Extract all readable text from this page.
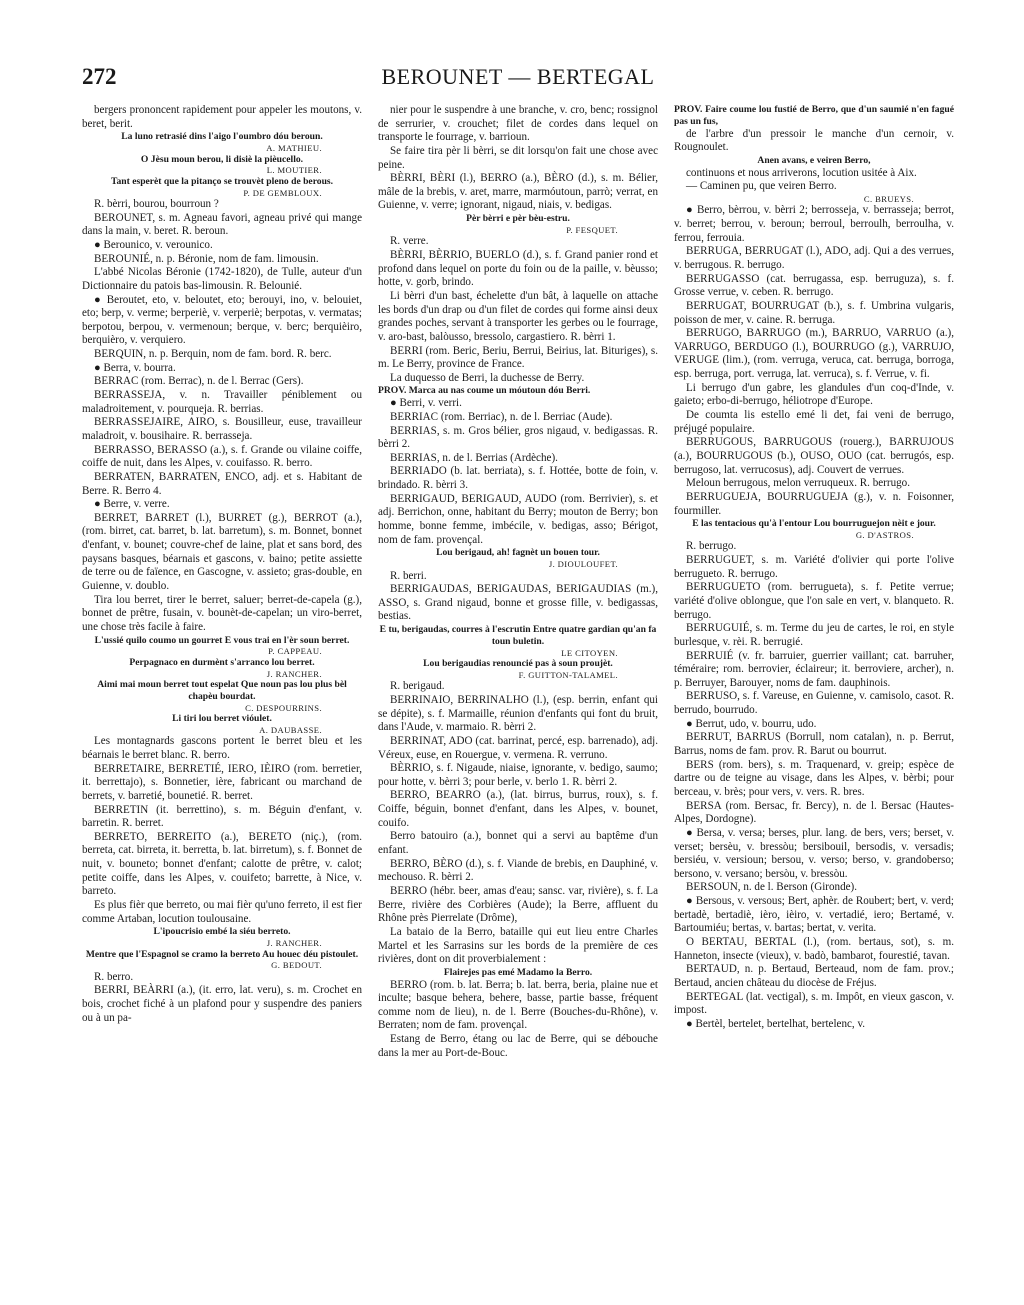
272	BEROUNET — BERTEGAL

bergers prononcent rapidement pour appeler les moutons, v. beret, berit.

La luno retrasié dins l'aigo l'oumbro dóu beroun.

A. MATHIEU.

O Jèsu moun berou, li disiè la pièucello.

L. MOUTIER.

Tant esperèt que la pitanço se trouvèt pleno de berous.

P. DE GEMBLOUX.

R. bèrri, bourou, bourroun ?

BEROUNET, s. m. Agneau favori, agneau privé qui mange dans la main, v. beret. R. beroun.

● Berounico, v. verounico.

BEROUNIÉ, n. p. Béronie, nom de fam. limousin.

L'abbé Nicolas Béronie (1742-1820), de Tulle, auteur d'un Dictionnaire du patois bas-limousin. R. Belounié.

● Beroutet, eto, v. beloutet, eto; berouyi, ino, v. belouiet, eto; berp, v. verme; berperiè, v. verperiè; berpotas, v. vermatas; berpotou, berpou, v. vermenoun; berque, v. berc; berquièiro, berquièro, v. verquiero.

BERQUIN, n. p. Berquin, nom de fam. bord. R. berc.

● Berra, v. bourra.

BERRAC (rom. Berrac), n. de l. Berrac (Gers).

BERRASSEJA, v. n. Travailler péniblement ou maladroitement, v. pourqueja. R. berrias.

BERRASSEJAIRE, AIRO, s. Bousilleur, euse, travailleur maladroit, v. bousihaire. R. berrasseja.

BERRASSO, BERASSO (a.), s. f. Grande ou vilaine coiffe, coiffe de nuit, dans les Alpes, v. couifasso. R. berro.

BERRATEN, BARRATEN, ENCO, adj. et s. Habitant de Berre. R. Berro 4.

● Berre, v. verre.

BERRET, BARRET (l.), BURRET (g.), BERROT (a.), (rom. birret, cat. barret, b. lat. barretum), s. m. Bonnet, bonnet d'enfant, v. bounet; couvre-chef de laine, plat et sans bord, des paysans basques, béarnais et gascons, v. baino; petite assiette de terre ou de faïence, en Gascogne, v. assieto; gras-double, en Guienne, v. doublo.

Tira lou berret, tirer le berret, saluer; berret-de-capela (g.), bonnet de prêtre, fusain, v. bounèt-de-capelan; un viro-berret, une chose très facile à faire.

L'ussié quilo coumo un gourret E vous trai en l'èr soun berret.

P. CAPPEAU.

Perpagnaco en durmènt s'arranco lou berret.

J. RANCHER.

Aimi mai moun berret tout espelat Que noun pas lou plus bèl chapèu bourdat.

C. DESPOURRINS.

Li tiri lou berret vióulet.

A. DAUBASSE.

Les montagnards gascons portent le berret bleu et les béarnais le berret blanc. R. berro.

BERRETAIRE, BERRETIÉ, IERO, IÈIRO (rom. berretier, it. berrettajo), s. Bonnetier, ière, fabricant ou marchand de berrets, v. barretié, bounetié. R. berret.

BERRETIN (it. berrettino), s. m. Béguin d'enfant, v. barretin. R. berret.

BERRETO, BERREITO (a.), BERETO (niç.), (rom. berreta, cat. birreta, it. berretta, b. lat. birretum), s. f. Bonnet de nuit, v. bouneto; bonnet d'enfant; calotte de prêtre, v. calot; petite coiffe, dans les Alpes, v. couifeto; barrette, à Nice, v. barreto.

Es plus fièr que berreto, ou mai fièr qu'uno ferreto, il est fier comme Artaban, locution toulousaine.

L'ipoucrisio embé la siéu berreto.

J. RANCHER.

Mentre que l'Espagnol se cramo la berreto Au houec déu pistoulet.

G. BEDOUT.

R. berro.

BERRI, BEÀRRI (a.), (it. erro, lat. veru), s. m. Crochet en bois, crochet fiché à un plafond pour y suspendre des paniers ou à un pa-

nier pour le suspendre à une branche, v. cro, benc; rossignol de serrurier, v. crouchet; filet de cordes dans lequel on transporte le fourrage, v. barrioun.

Se faire tira pèr li bèrri, se dit lorsqu'on fait une chose avec peine.

BÈRRI, BÈRI (l.), BERRO (a.), BÈRO (d.), s. m. Bélier, mâle de la brebis, v. aret, marre, marmóutoun, parrò; verrat, en Guienne, v. verre; ignorant, nigaud, niais, v. bedigas.

Pèr bèrri e pèr bèu-estru.

P. FESQUET.

R. verre.

BÈRRI, BÈRRIO, BUERLO (d.), s. f. Grand panier rond et profond dans lequel on porte du foin ou de la paille, v. bèusso; hotte, v. gorb, brindo.

Li bèrri d'un bast, échelette d'un bât, à laquelle on attache les bords d'un drap ou d'un filet de cordes qui forme ainsi deux grandes poches, servant à transporter les gerbes ou le fourrage, v. aro-bast, balòusso, bressolo, cargastiero. R. bèrri 1.

BERRI (rom. Beric, Beriu, Berrui, Beirius, lat. Bituriges), s. m. Le Berry, province de France.

La duquesso de Berri, la duchesse de Berry.

PROV. Marca au nas coume un móutoun dóu Berri.

● Berri, v. verri.

BERRIAC (rom. Berriac), n. de l. Berriac (Aude).

BERRIAS, s. m. Gros bélier, gros nigaud, v. bedigassas. R. bèrri 2.

BERRIAS, n. de l. Berrias (Ardèche).

BERRIADO (b. lat. berriata), s. f. Hottée, botte de foin, v. brindado. R. bèrri 3.

BERRIGAUD, BERIGAUD, AUDO (rom. Berrivier), s. et adj. Berrichon, onne, habitant du Berry; mouton de Berry; bon homme, bonne femme, imbécile, v. bedigas, asso; Bérigot, nom de fam. provençal.

Lou berigaud, ah! fagnèt un bouen tour.

J. DIOULOUFET.

R. berri.

BERRIGAUDAS, BERIGAUDAS, BERIGAUDIAS (m.), ASSO, s. Grand nigaud, bonne et grosse fille, v. bedigassas, bestias.

E tu, berigaudas, courres à l'escrutin Entre quatre gardian qu'an fa toun buletin.

LE CITOYEN.

Lou berigaudias renouncié pas à soun proujèt.

F. GUITTON-TALAMEL.

R. berigaud.

BERRINAIO, BERRINALHO (l.), (esp. berrin, enfant qui se dépite), s. f. Marmaille, réunion d'enfants qui font du bruit, dans l'Aude, v. marmaio. R. bèrri 2.

BERRINAT, ADO (cat. barrinat, percé, esp. barrenado), adj. Véreux, euse, en Rouergue, v. vermena. R. verruno.

BÈRRIO, s. f. Nigaude, niaise, ignorante, v. bedigo, saumo; pour hotte, v. bèrri 3; pour berle, v. berlo 1. R. bèrri 2.

BERRO, BEARRO (a.), (lat. birrus, burrus, roux), s. f. Coiffe, béguin, bonnet d'enfant, dans les Alpes, v. bounet, couifo.

Berro batouiro (a.), bonnet qui a servi au baptême d'un enfant.

BERRO, BÈRO (d.), s. f. Viande de brebis, en Dauphiné, v. mechouso. R. bèrri 2.

BERRO (hébr. beer, amas d'eau; sansc. var, rivière), s. f. La Berre, rivière des Corbières (Aude); la Berre, affluent du Rhône près Pierrelate (Drôme),

La bataio de la Berro, bataille qui eut lieu entre Charles Martel et les Sarrasins sur les bords de la première de ces rivières, dont on dit proverbialement :

Flairejes pas emé Madamo la Berro.

BERRO (rom. b. lat. Berra; b. lat. berra, beria, plaine nue et inculte; basque behera, behere, basse, partie basse, fréquent comme nom de lieu), n. de l. Berre (Bouches-du-Rhône), v. Berraten; nom de fam. provençal.

Estang de Berro, étang ou lac de Berre, qui se débouche dans la mer au Port-de-Bouc.

PROV. Faire coume lou fustié de Berro, que d'un saumié n'en fagué pas un fus,

de l'arbre d'un pressoir le manche d'un cernoir, v. Rougnoulet.

Anen avans, e veiren Berro,

continuons et nous arriverons, locution usitée à Aix.

— Caminen pu, que veiren Berro.

C. BRUEYS.

● Berro, bèrrou, v. bèrri 2; berrosseja, v. berrasseja; berrot, v. berret; berrou, v. beroun; berroul, berroulh, berroulha, v. ferrou, ferrouia.

BERRUGA, BERRUGAT (l.), ADO, adj. Qui a des verrues, v. berrugous. R. berrugo.

BERRUGASSO (cat. berrugassa, esp. berruguza), s. f. Grosse verrue, v. ceben. R. berrugo.

BERRUGAT, BOURRUGAT (b.), s. f. Umbrina vulgaris, poisson de mer, v. caine. R. berruga.

BERRUGO, BARRUGO (m.), BARRUO, VARRUO (a.), VARRUGO, BERDUGO (l.), BOURRUGO (g.), VARRUJO, VERUGE (lim.), (rom. verruga, veruca, cat. berruga, borroga, esp. berruga, port. verruga, lat. verruca), s. f. Verrue, v. fi.

Li berrugo d'un gabre, les glandules d'un coq-d'Inde, v. gaieto; erbo-di-berrugo, héliotrope d'Europe.

De coumta lis estello emé li det, fai veni de berrugo, préjugé populaire.

BERRUGOUS, BARRUGOUS (rouerg.), BARRUJOUS (a.), BOURRUGOUS (b.), OUSO, OUO (cat. berrugós, esp. berrugoso, lat. verrucosus), adj. Couvert de verrues.

Meloun berrugous, melon verruqueux. R. berrugo.

BERRUGUEJA, BOURRUGUEJA (g.), v. n. Foisonner, fourmiller.

E las tentacious qu'à l'entour Lou bourruguejon nèit e jour.

G. D'ASTROS.

R. berrugo.

BERRUGUET, s. m. Variété d'olivier qui porte l'olive berrugueto. R. berrugo.

BERRUGUETO (rom. berrugueta), s. f. Petite verrue; variété d'olive oblongue, que l'on sale en vert, v. blanqueto. R. berrugo.

BERRUGUIÉ, s. m. Terme du jeu de cartes, le roi, en style burlesque, v. rèi. R. berrugié.

BERRUIÉ (v. fr. barruier, guerrier vaillant; cat. barruher, téméraire; rom. berrovier, éclaireur; it. berroviere, archer), n. p. Berruyer, Barouyer, noms de fam. dauphinois.

BERRUSO, s. f. Vareuse, en Guienne, v. camisolo, casot. R. berrudo, bourrudo.

● Berrut, udo, v. bourru, udo.

BERRUT, BARRUS (Borrull, nom catalan), n. p. Berrut, Barrus, noms de fam. prov. R. Barut ou bourrut.

BERS (rom. bers), s. m. Traquenard, v. greip; espèce de dartre ou de teigne au visage, dans les Alpes, v. bèrbi; pour berceau, v. brès; pour vers, v. vers. R. bres.

BERSA (rom. Bersac, fr. Bercy), n. de l. Bersac (Hautes-Alpes, Dordogne).

● Bersa, v. versa; berses, plur. lang. de bers, vers; berset, v. verset; bersèu, v. bressòu; bersibouil, bersodis, v. versadis; bersiéu, v. versioun; bersou, v. verso; berso, v. grandoberso; bersono, v. versano; bersòu, v. bressòu.

BERSOUN, n. de l. Berson (Gironde).

● Bersous, v. versous; Bert, aphèr. de Roubert; bert, v. verd; bertadè, bertadiè, ièro, ièiro, v. vertadié, iero; Bertamé, v. Bartoumiéu; bertas, v. bartas; bertat, v. verita.

O BERTAU, BERTAL (l.), (rom. bertaus, sot), s. m. Hanneton, insecte (vieux), v. badò, bambarot, fourestié, tavan.

BERTAUD, n. p. Bertaud, Berteaud, nom de fam. prov.; Bertaud, ancien château du diocèse de Fréjus.

BERTEGAL (lat. vectigal), s. m. Impôt, en vieux gascon, v. impost.

● Bertèl, bertelet, bertelhat, bertelenc, v.
